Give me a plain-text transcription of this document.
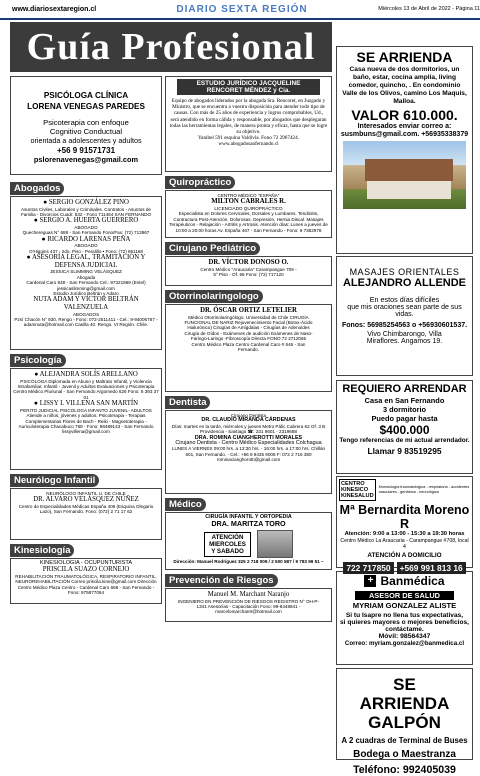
www.diariosextaregion.cl	DIARIO SEXTA REGIÓN	Miércoles 13 de Abril de 2022 - Página 11
Guía Profesional
PSICÓLOGA CLÍNICA
LORENA VENEGAS PAREDES
Psicoterapia con enfoque
Cognitivo Conductual
orientada a adolescentes y adultos
+56 9 91571731
pslorenavenegas@gmail.com
Abogados

● SERGIO GONZÁLEZ PINO

Asuntos Civiles, Laborales y Criminales. Contratos - Asuntos de Familia - Divorcios Cuadr. 532 - Fono 711464 SAN FERNANDO

● SERGIO A. HUERTA GUERRERO

ABOGADO

Quechereguas N° 688 - San Fernando Fono/Fax: (72) 713967

● RICARDO LARENAS PEÑA

ABOGADO

O'Higgins 437 - 2do. Piso - Peralillo • Fono: (72) 861168

● ASESORÍA LEGAL, TRAMITACIÓN Y DEFENSA JUDICIAL

JESSICA SLIMMING VELÁSQUEZ

Abogada

Cardenal Caro 848 - San Fernando Cel.: 97321969 (Entel) jessicaslimming@gmail.com

Estudio Jurídico Beltrán y Adaro

NUTA ADAM Y VÍCTOR BELTRÁN VALENZUELA

ABOGADOS

Pzsí Chacón N° 930, Rengo - Fono: 072-2511411 - Cel.: 9-94006787 - adamnuta@hotmail.com Casilla 40. Rengo. VI Región. Chile.

Psicología

● ALEJANDRA SOLÍS ARELLANO

PSICÓLOGA Diplomada en Abuso y Maltrato Infantil, y Violencia Intrafamiliar. Infantil - Juvenil y Adultos Evaluaciones y Psicoterapia Centro Médico Pluriunal - San Fernando Argomedo 626 Fono: 6 393 37 01

● LISSY I. VILLENA SAN MARTÍN

PERITO JUDICIAL PSICOLOGA INFANTO JUVENIL- ADULTOS Atiende a niños, jóvenes y adultos. Psicoterapia - Terapias Complementarias Flores de Bach - Reiki - Magnetoterapia - Auriculoterapia Chacabuco 768 - Fono: 98489143 - San Fernando lissyvillena@gmail.com

Neurólogo Infantil

NEURÓLOGO INFANTIL U. DE CHILE

DR. ALVARO VELÁSQUEZ NÚÑEZ

Centro de Especialidades Médicas Espaňa 408 (Esquina Olegario Lazo), San Fernando. Fono: (072) 2 71 17 62

Kinesiología

KINESIOLOGIA - OCUPUNTURISTA

PRISCILA SUAZO CORNEJO

REHABILITACIÓN TRAUMATOLÓGICA, RESPIRATORIO INFANTIL, NEUROREHABILITACIÓN Correo priscila.kine@gmail.com Dirección Centro Médico Plaza Centro - Cardenal Caro 668 - San Fernando - Fono: 975877064

ESTUDIO JURÍDICO JACQUELINE RENCORET MÉNDEZ y Cía.

Equipo de abogados liderados por la abogada Sra. Rencoret, en Juzgado y Ministro, que se encuentra a vuestra disposición para atender todo tipo de causas. Con más de 25 años de experiencia y logros comprobables, Ud., será atendido en forma cálida y responsable, por abogados que desplegaran todas las herramientas legales, de manera pronta y eficaz, hasta que se logre su objetivo.

Yanibel 591 esquina Valdivia. Fono 72 2967424. www.abogadosanfernando.cl

Quiropráctico

CENTRO MÉDICO "ESPAÑA"

MILTON CABRALES R.

LICENCIADO QUIROPRÁCTICO

Especialista en Dolores Cervicales, Dorsales y Lumbares. Tendinitis, Contractura Post-Atención. Dolorosas. Depresión, Hernia Discal. Masajes Terapéuticos - Relajación - Artritis y Artrosis. Atención días: Lunes a jueves de 10:00 a 20:00 horas Av. España 467 - San Fernando - Fono: 9 7382978

Cirujano Pediátrico

DR. VÍCTOR DONOSO O.

Centro Médico "Araucaria" Carampangue 708 - 5° Piso - Of. 56 Fono: (72) 717120

Otorrinolaringologo

DR. ÓSCAR ORTIZ LETELIER

Médico Otorrinolaringólogo. Universidad de Chile CIRUGÍA FUNCIONAL DE NARIZ Rejuvenecimiento Facial (Botox-Ácido Hialurónico) Cirugías de Amígdalas - Cirugías de Adenoides Cirugía de Oídos - Exámenes de audición Exámenes de Naso-Faringo-Laringo -Fibroscopía Directa FONO 72 2712065 Centro Médico Plaza Centro Cardenal Caro # 646 - San Fernando.

Dentista

Cirujano Dentista

DR. CLAUDIO MIRANDA CÁRDENAS

Días: martes en la tarde, miércoles y jueves Metro Pálic Cabrera 62 Of. 3 B Providencia - Santiago ☎: 231 9601 - 2319688

DRA. ROMINA CIANGHEROTTI MORALES

Cirujano Dentista - Centro Médico Especialidades Colchagua

LUNES A VIERNES 09:00 hrs. a 13:30 hrs. - 16:00 hrs. a 17:00 hrs. Chillán 601, San Fernando. - Cel.: +56 9 9435 9008 F: 072 2 716 380 rominacianghorotti@gmail.com

Médico

CIRUGÍA INFANTIL Y ORTOPEDIA

DRA. MARITZA TORO

ATENCIÓN
MIERCOLES
Y SABADO

Dirección: Manuel Rodríguez 325 2 718 009 / 2 500 587 / 9 783 99 51 –

Prevención de Riesgos

Manuel M. Marchant Naranjo

INGENIERO EN PREVENCIÓN DE RIESGOS REGISTRO N° OH-P-1341 Asesorías - Capacitación Fono: 99-6448841 - marcelomarchantr@hotmail.com

SE ARRIENDA
Casa nueva de dos dormitorios, un baño, estar, cocina amplia, living comedor, quincho, . En condominio Valle de los Olivos, camino Los Maquis, Malloa.
VALOR 610.000.
Interesados enviar correo a: susmbuns@gmail.com. +56935338379
MASAJES ORIENTALES
ALEJANDRO ALLENDE
En estos días difíciles
que mis oraciones sean parte de sus vidas.
Fonos: 56985254563 o +56930601537.
Vivo Chimbarongo, Villa Miraflores. Angamos 19.
REQUIERO ARRENDAR
Casa en San Fernando
3 dormitorio
Puedo pagar hasta
$400.000
Tengo referencias de mi actual arrendador.
Llamar 9 83519295
CENTRO KINESICO KINESALUD
Kinesiología traumatológica - respiratoria - accidentes vasculares - geriátrica - neurológica
Mª Bernardita Moreno R
Atención: 9:00 a 13:00 - 15:30 a 19:30 horas
Centro Médico La Araucaria - Carampangue #708, local 4
ATENCIÓN A DOMICILIO
722 717850	+569 991 813 16
+ Banmédica
ASESOR DE SALUD
MYRIAM GONZALEZ ALISTE
Si tu Isapre no llena tus expectativas,
si quieres mayores o mejores beneficios,
contáctame.
Móvil: 98564347
Correo: myriam.gonzalez@banmedica.cl
SE ARRIENDA GALPÓN
A 2 cuadras de Terminal de Buses
Bodega o Maestranza
Teléfono: 992405039
